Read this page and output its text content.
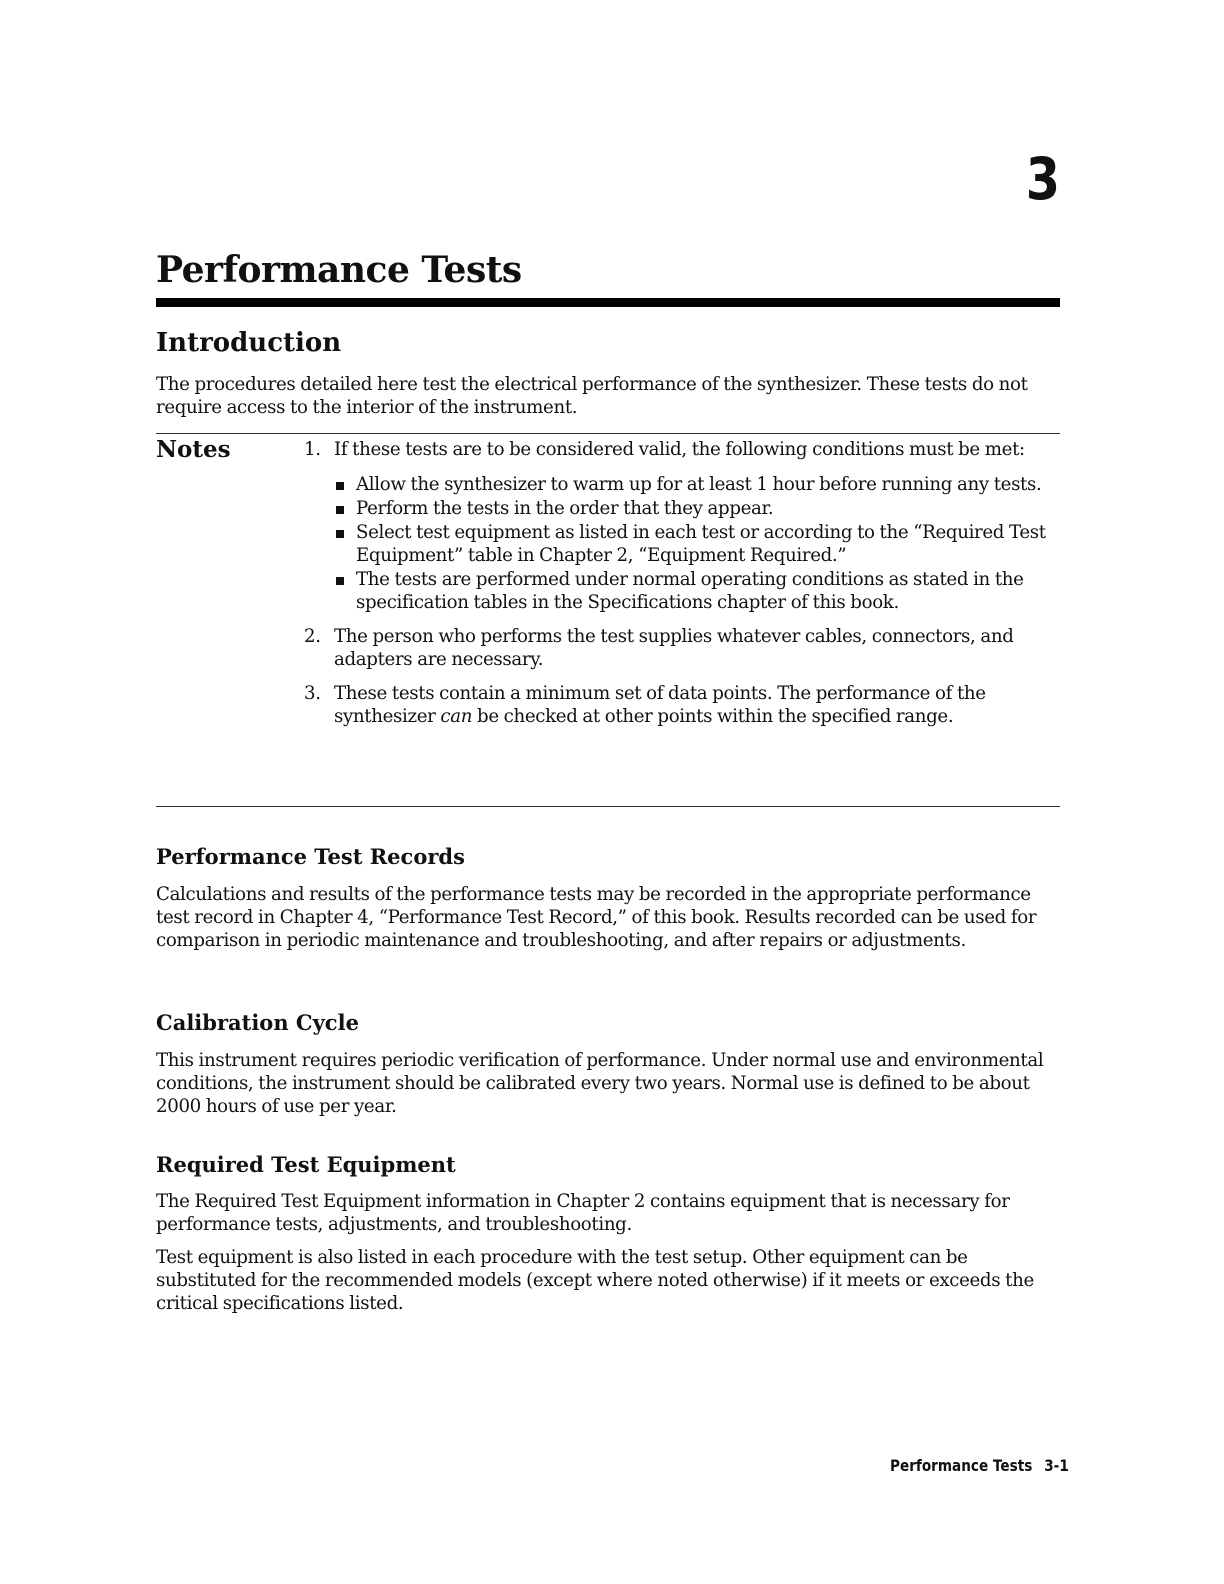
3
Performance Tests
Introduction

The procedures detailed here test the electrical performance of the synthesizer. These tests do not require access to the interior of the instrument.

Notes	1. If these tests are to be considered valid, the following conditions must be met:
Allow the synthesizer to warm up for at least 1 hour before running any tests.
Perform the tests in the order that they appear.
Select test equipment as listed in each test or according to the “Required Test Equipment” table in Chapter 2, “Equipment Required.”
The tests are performed under normal operating conditions as stated in the specification tables in the Specifications chapter of this book.
2. The person who performs the test supplies whatever cables, connectors, and adapters are necessary.
3. These tests contain a minimum set of data points. The performance of the synthesizer can be checked at other points within the specified range.
Performance Test Records

Calculations and results of the performance tests may be recorded in the appropriate performance test record in Chapter 4, “Performance Test Record,” of this book. Results recorded can be used for comparison in periodic maintenance and troubleshooting, and after repairs or adjustments.

Calibration Cycle

This instrument requires periodic verification of performance. Under normal use and environmental conditions, the instrument should be calibrated every two years. Normal use is defined to be about 2000 hours of use per year.

Required Test Equipment

The Required Test Equipment information in Chapter 2 contains equipment that is necessary for performance tests, adjustments, and troubleshooting.

Test equipment is also listed in each procedure with the test setup. Other equipment can be substituted for the recommended models (except where noted otherwise) if it meets or exceeds the critical specifications listed.

Performance Tests 3-1
